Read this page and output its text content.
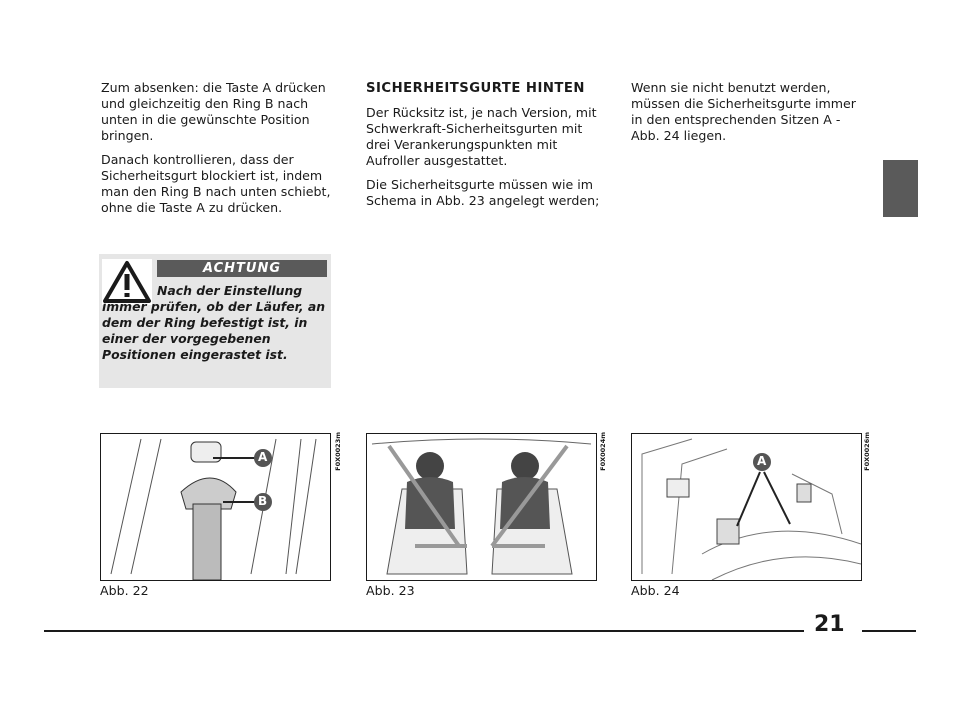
Zum absenken: die Taste A drücken und gleichzeitig den Ring B nach unten in die gewünschte Position bringen.

Danach kontrollieren, dass der Sicherheitsgurt blockiert ist, indem man den Ring B nach unten schiebt, ohne die Taste A zu drücken.

ACHTUNG
Nach der Einstellung immer prüfen, ob der Läufer, an dem der Ring befestigt ist, in einer der vorgegebenen Positionen eingerastet ist.

SICHERHEITSGURTE HINTEN

Der Rücksitz ist, je nach Version, mit Schwerkraft-Sicherheitsgurten mit drei Verankerungspunkten mit Aufroller ausgestattet.

Die Sicherheitsgurte müssen wie im Schema in Abb. 23 angelegt werden;

Wenn sie nicht benutzt werden, müssen die Sicherheitsgurte immer in den entsprechenden Sitzen A - Abb. 24 liegen.

A
B
F0X0023m
Abb. 22
F0X0024m
Abb. 23
A	F0X0026m
Abb. 24
21
